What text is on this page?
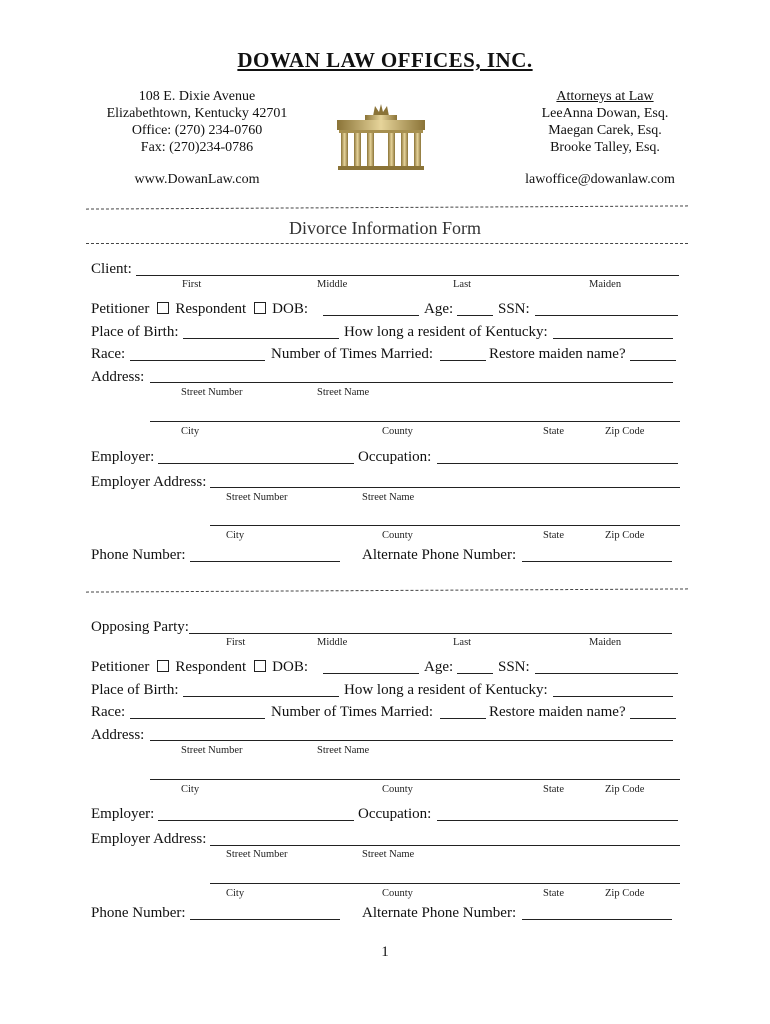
DOWAN LAW OFFICES, INC.
108 E. Dixie Avenue
Elizabethtown, Kentucky 42701
Office: (270) 234-0760
Fax: (270)234-0786
www.DowanLaw.com
Attorneys at Law
LeeAnna Dowan, Esq.
Maegan Carek, Esq.
Brooke Talley, Esq.
lawoffice@dowanlaw.com
Divorce Information Form
Client:
First	Middle	Last	Maiden
Petitioner Respondent DOB:	Age:	SSN:
Place of Birth:	How long a resident of Kentucky:
Race:	Number of Times Married:	Restore maiden name?
Address:
Street Number	Street Name
City	County	State	Zip Code
Employer:	Occupation:
Employer Address:
Street Number	Street Name
City	County	State	Zip Code
Phone Number:	Alternate Phone Number:
Opposing Party:
First	Middle	Last	Maiden
Petitioner Respondent DOB:	Age:	SSN:
Place of Birth:	How long a resident of Kentucky:
Race:	Number of Times Married:	Restore maiden name?
Address:
Street Number	Street Name
City	County	State	Zip Code
Employer:	Occupation:
Employer Address:
Street Number	Street Name
City	County	State	Zip Code
Phone Number:	Alternate Phone Number:
1
